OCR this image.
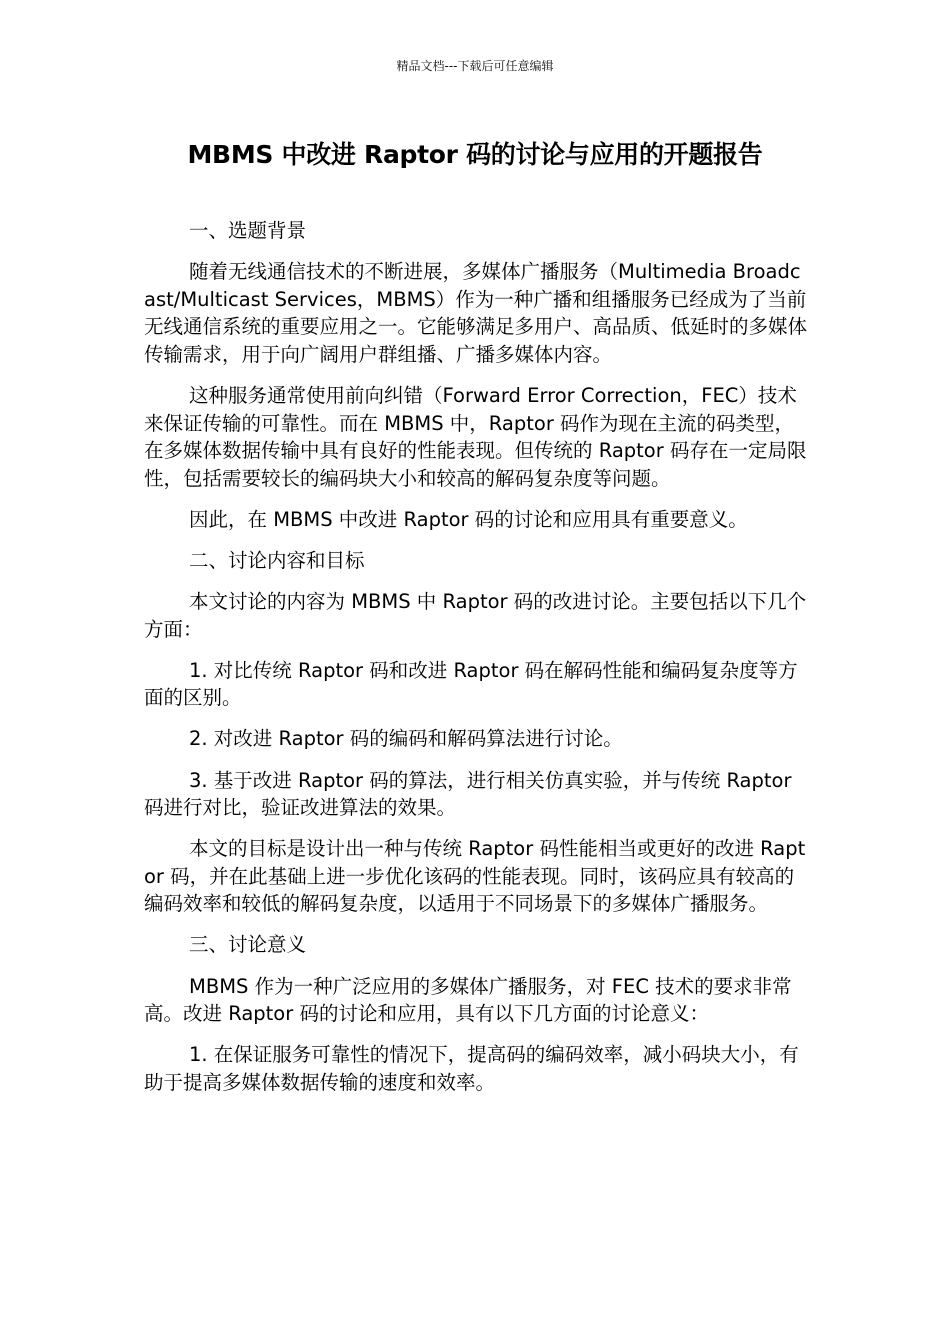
精品文档---下载后可任意编辑
MBMS 中改进 Raptor 码的讨论与应用的开题报告
一、选题背景

随着无线通信技术的不断进展，多媒体广播服务（Multimedia Broadcast/Multicast Services，MBMS）作为一种广播和组播服务已经成为了当前无线通信系统的重要应用之一。它能够满足多用户、高品质、低延时的多媒体传输需求，用于向广阔用户群组播、广播多媒体内容。

这种服务通常使用前向纠错（Forward Error Correction，FEC）技术来保证传输的可靠性。而在 MBMS 中，Raptor 码作为现在主流的码类型，在多媒体数据传输中具有良好的性能表现。但传统的 Raptor 码存在一定局限性，包括需要较长的编码块大小和较高的解码复杂度等问题。

因此，在 MBMS 中改进 Raptor 码的讨论和应用具有重要意义。

二、讨论内容和目标

本文讨论的内容为 MBMS 中 Raptor 码的改进讨论。主要包括以下几个方面：

1. 对比传统 Raptor 码和改进 Raptor 码在解码性能和编码复杂度等方面的区别。

2. 对改进 Raptor 码的编码和解码算法进行讨论。

3. 基于改进 Raptor 码的算法，进行相关仿真实验，并与传统 Raptor 码进行对比，验证改进算法的效果。

本文的目标是设计出一种与传统 Raptor 码性能相当或更好的改进 Raptor 码，并在此基础上进一步优化该码的性能表现。同时，该码应具有较高的编码效率和较低的解码复杂度，以适用于不同场景下的多媒体广播服务。

三、讨论意义

MBMS 作为一种广泛应用的多媒体广播服务，对 FEC 技术的要求非常高。改进 Raptor 码的讨论和应用，具有以下几方面的讨论意义：

1. 在保证服务可靠性的情况下，提高码的编码效率，减小码块大小，有助于提高多媒体数据传输的速度和效率。
